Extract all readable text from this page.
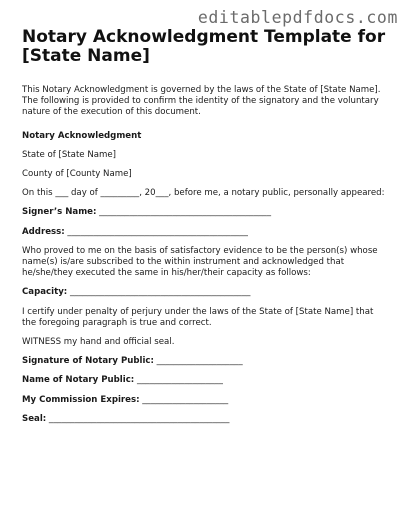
editablepdfdocs.com

Notary Acknowledgment Template for [State Name]

This Notary Acknowledgment is governed by the laws of the State of [State Name]. The following is provided to confirm the identity of the signatory and the voluntary nature of the execution of this document.

Notary Acknowledgment

State of [State Name]

County of [County Name]

On this ___ day of _________, 20___, before me, a notary public, personally appeared:

Signer’s Name: ________________________________________

Address: __________________________________________

Who proved to me on the basis of satisfactory evidence to be the person(s) whose name(s) is/are subscribed to the within instrument and acknowledged that he/she/they executed the same in his/her/their capacity as follows:

Capacity: __________________________________________

I certify under penalty of perjury under the laws of the State of [State Name] that the foregoing paragraph is true and correct.

WITNESS my hand and official seal.

Signature of Notary Public: ____________________

Name of Notary Public: ____________________

My Commission Expires: ____________________

Seal: __________________________________________
